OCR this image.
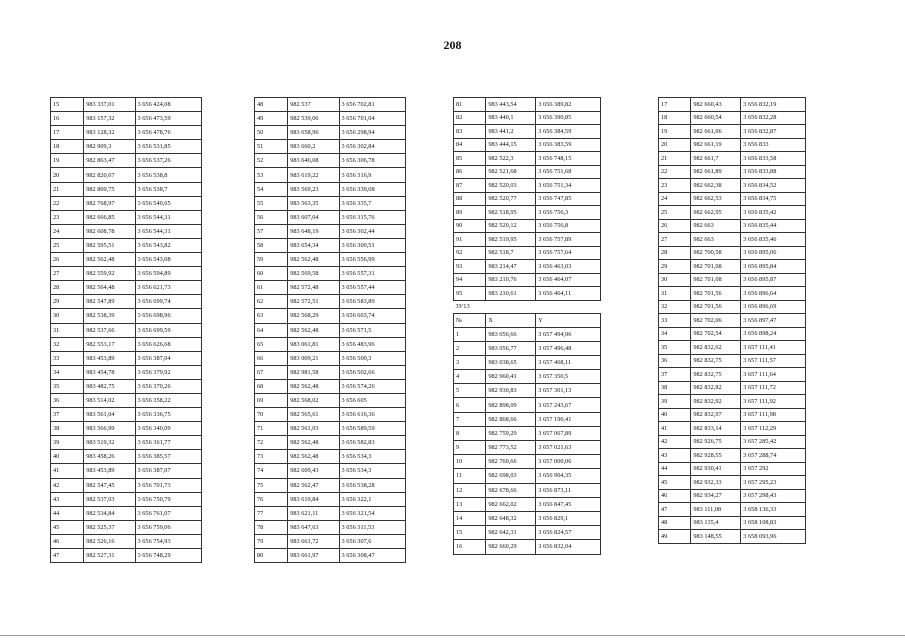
208
15	983 337,01	3 656 424,08
16	983 157,32	3 656 473,59
17	983 128,32	3 656 478,76
18	982 909,3	3 656 531,85
19	982 863,47	3 656 537,26
20	982 820,67	3 656 538,8
21	982 809,75	3 656 538,7
22	982 768,97	3 656 540,65
23	982 666,85	3 656 544,31
24	982 608,78	3 656 544,31
25	982 595,51	3 656 543,82
26	982 562,48	3 656 543,08
27	982 559,92	3 656 594,89
28	982 564,48	3 656 621,73
29	982 547,89	3 656 699,74
30	982 538,39	3 656 698,96
31	982 537,66	3 656 699,59
32	982 553,17	3 656 626,68
33	983 453,89	3 656 387,04
34	983 454,78	3 656 379,92
35	983 482,75	3 656 370,26
36	983 514,02	3 656 358,22
37	983 561,04	3 656 336,75
38	983 566,99	3 656 340,09
39	983 519,32	3 656 361,77
40	983 458,26	3 656 385,57
41	983 453,89	3 656 387,07
42	982 547,45	3 656 701,73
43	982 537,03	3 656 750,79
44	982 534,84	3 656 761,07
45	982 525,37	3 656 759,06
46	982 526,16	3 656 754,93
47	982 527,31	3 656 748,29
48	982 537	3 656 702,81
49	982 539,06	3 656 701,04
50	983 658,96	3 656 298,94
51	983 660,2	3 656 302,84
52	983 646,08	3 656 306,78
53	983 619,22	3 656 316,9
54	983 569,23	3 656 339,08
55	983 563,35	3 656 335,7
56	983 607,04	3 656 315,76
57	983 648,19	3 656 302,44
58	983 654,34	3 656 300,51
59	982 562,48	3 656 556,99
60	982 569,58	3 656 557,31
61	982 572,48	3 656 557,44
62	982 572,51	3 656 583,89
63	982 568,29	3 656 603,74
64	982 562,48	3 656 571,5
65	983 061,81	3 656 483,96
66	983 009,21	3 656 500,3
67	982 981,58	3 656 502,66
68	982 562,48	3 656 574,26
69	982 568,02	3 656 605
70	982 565,61	3 656 616,36
71	982 561,03	3 656 589,59
72	982 562,48	3 656 582,83
73	982 562,48	3 656 534,3
74	982 609,43	3 656 534,3
75	982 562,47	3 656 538,28
76	983 619,84	3 656 322,1
77	983 621,11	3 656 321,54
78	983 647,63	3 656 311,53
79	983 661,72	3 656 307,6
80	983 661,97	3 656 308,47
81	983 443,54	3 656 389,82
82	983 440,1	3 656 390,85
83	983 441,2	3 656 384,59
84	983 444,15	3 656 383,59
85	982 522,3	3 656 748,15
86	982 521,68	3 656 751,68
87	982 520,03	3 656 751,34
88	982 520,77	3 656 747,85
89	982 518,95	3 656 756,3
90	982 520,12	3 656 756,8
91	982 519,95	3 656 757,89
92	982 518,7	3 656 757,64
93	983 214,47	3 656 463,03
94	983 210,76	3 656 464,07
95	983 210,61	3 656 464,11
ЗУ13		
№	X	Y
1	983 056,66	3 657 494,96
2	983 056,77	3 657 496,48
3	983 038,65	3 657 468,11
4	982 960,41	3 657 350,5
5	982 930,83	3 657 301,13
6	982 898,09	3 657 243,67
7	982 868,66	3 657 190,41
8	982 759,29	3 657 067,89
9	982 773,52	3 657 021,63
10	982 760,66	3 657 000,06
11	982 698,03	3 656 904,35
12	982 678,66	3 656 873,11
13	982 662,02	3 656 847,45
14	982 648,32	3 656 829,1
15	982 642,31	3 656 824,57
16	982 660,29	3 656 832,04
17	982 660,43	3 656 832,19
18	982 660,54	3 656 832,28
19	982 661,06	3 656 832,87
20	982 661,19	3 656 833
21	982 661,7	3 656 833,58
22	982 661,89	3 656 833,88
23	982 662,38	3 656 834,52
24	982 662,53	3 656 834,75
25	982 662,95	3 656 835,42
26	982 663	3 656 835,44
27	982 663	3 656 835,46
28	982 700,58	3 656 895,06
29	982 701,08	3 656 895,84
30	982 701,08	3 656 895,87
31	982 701,56	3 656 896,64
32	982 701,56	3 656 896,69
33	982 702,06	3 656 897,47
34	982 702,54	3 656 898,24
35	982 832,62	3 657 111,41
36	982 832,75	3 657 111,57
37	982 832,75	3 657 111,64
38	982 832,82	3 657 111,72
39	982 832,92	3 657 111,92
40	982 832,97	3 657 111,98
41	982 833,14	3 657 112,29
42	982 926,75	3 657 285,42
43	982 928,55	3 657 288,74
44	982 930,41	3 657 292
45	982 932,33	3 657 295,23
46	982 934,27	3 657 298,43
47	983 111,08	3 658 136,33
48	983 135,4	3 658 108,83
49	983 148,55	3 658 093,96
